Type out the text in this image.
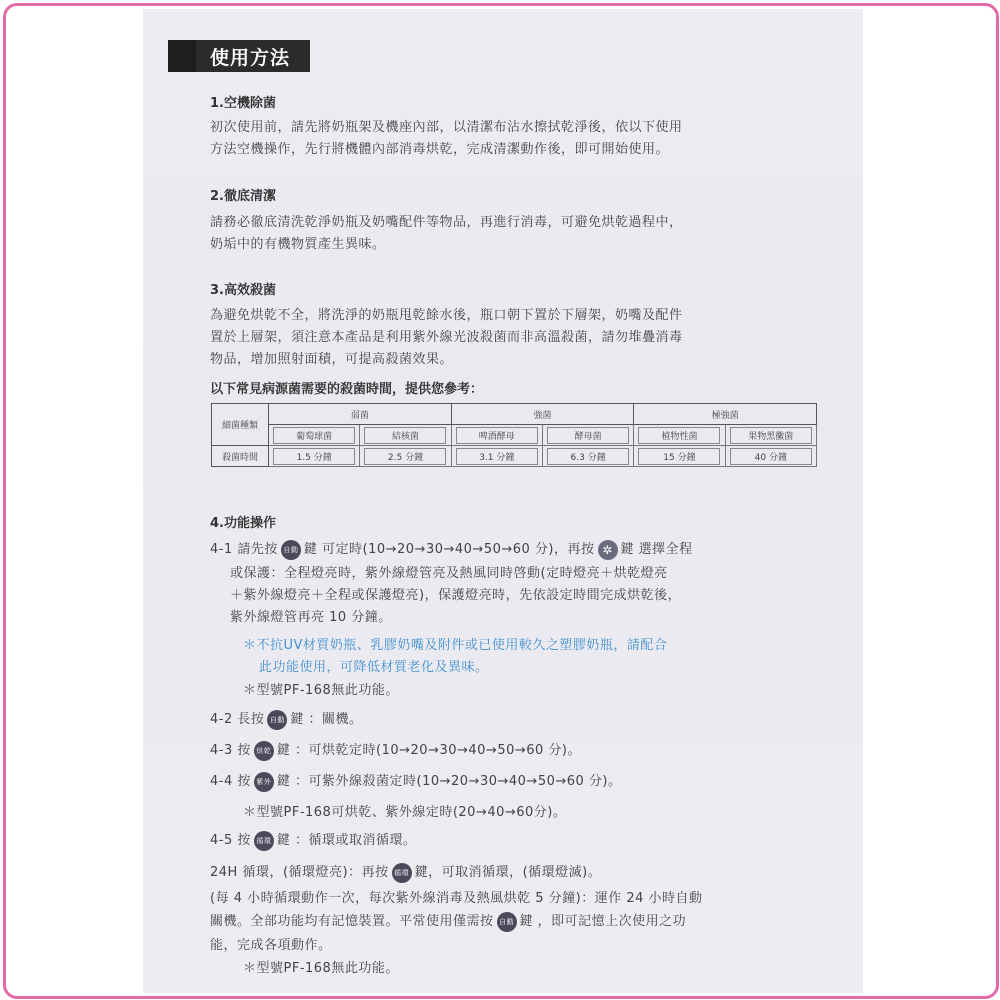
使用方法
1.空機除菌
初次使用前，請先將奶瓶架及機座內部，以清潔布沾水擦拭乾淨後，依以下使用
方法空機操作，先行將機體內部消毒烘乾，完成清潔動作後，即可開始使用。
2.徹底清潔
請務必徹底清洗乾淨奶瓶及奶嘴配件等物品，再進行消毒，可避免烘乾過程中，
奶垢中的有機物質產生異味。
3.高效殺菌
為避免烘乾不全，將洗淨的奶瓶甩乾餘水後，瓶口朝下置於下層架，奶嘴及配件
置於上層架，須注意本產品是利用紫外線光波殺菌而非高溫殺菌，請勿堆疊消毒
物品，增加照射面積，可提高殺菌效果。
以下常見病源菌需要的殺菌時間，提供您參考：
細菌種類	弱菌		強菌		極強菌	
	葡萄球菌	結核菌	啤酒酵母	酵母菌	植物性菌	果物黑黴菌
殺菌時間	1.5 分鐘	2.5 分鐘	3.1 分鐘	6.3 分鐘	15 分鐘	40 分鐘
4.功能操作
4-1 請先按 自動 鍵 可定時(10→20→30→40→50→60 分)，再按 ✲ 鍵 選擇全程
或保護：全程燈亮時，紫外線燈管亮及熱風同時啓動(定時燈亮＋烘乾燈亮
＋紫外線燈亮＋全程或保護燈亮)，保護燈亮時，先依設定時間完成烘乾後，
紫外線燈管再亮 10 分鐘。
＊不抗UV材質奶瓶、乳膠奶嘴及附件或已使用較久之塑膠奶瓶，請配合
此功能使用，可降低材質老化及異味。
＊型號PF-168無此功能。
4-2 長按 自動 鍵 ：關機。
4-3 按 烘乾 鍵 ：可烘乾定時(10→20→30→40→50→60 分)。
4-4 按 紫外 鍵 ：可紫外線殺菌定時(10→20→30→40→50→60 分)。
＊型號PF-168可烘乾、紫外線定時(20→40→60分)。
4-5 按 循環 鍵 ：循環或取消循環。
24H 循環，(循環燈亮)：再按 循環 鍵，可取消循環，(循環燈滅)。
(每 4 小時循環動作一次，每次紫外線消毒及熱風烘乾 5 分鐘)：運作 24 小時自動
關機。全部功能均有記憶裝置。平常使用僅需按 自動 鍵 ，即可記憶上次使用之功
能，完成各項動作。
＊型號PF-168無此功能。
